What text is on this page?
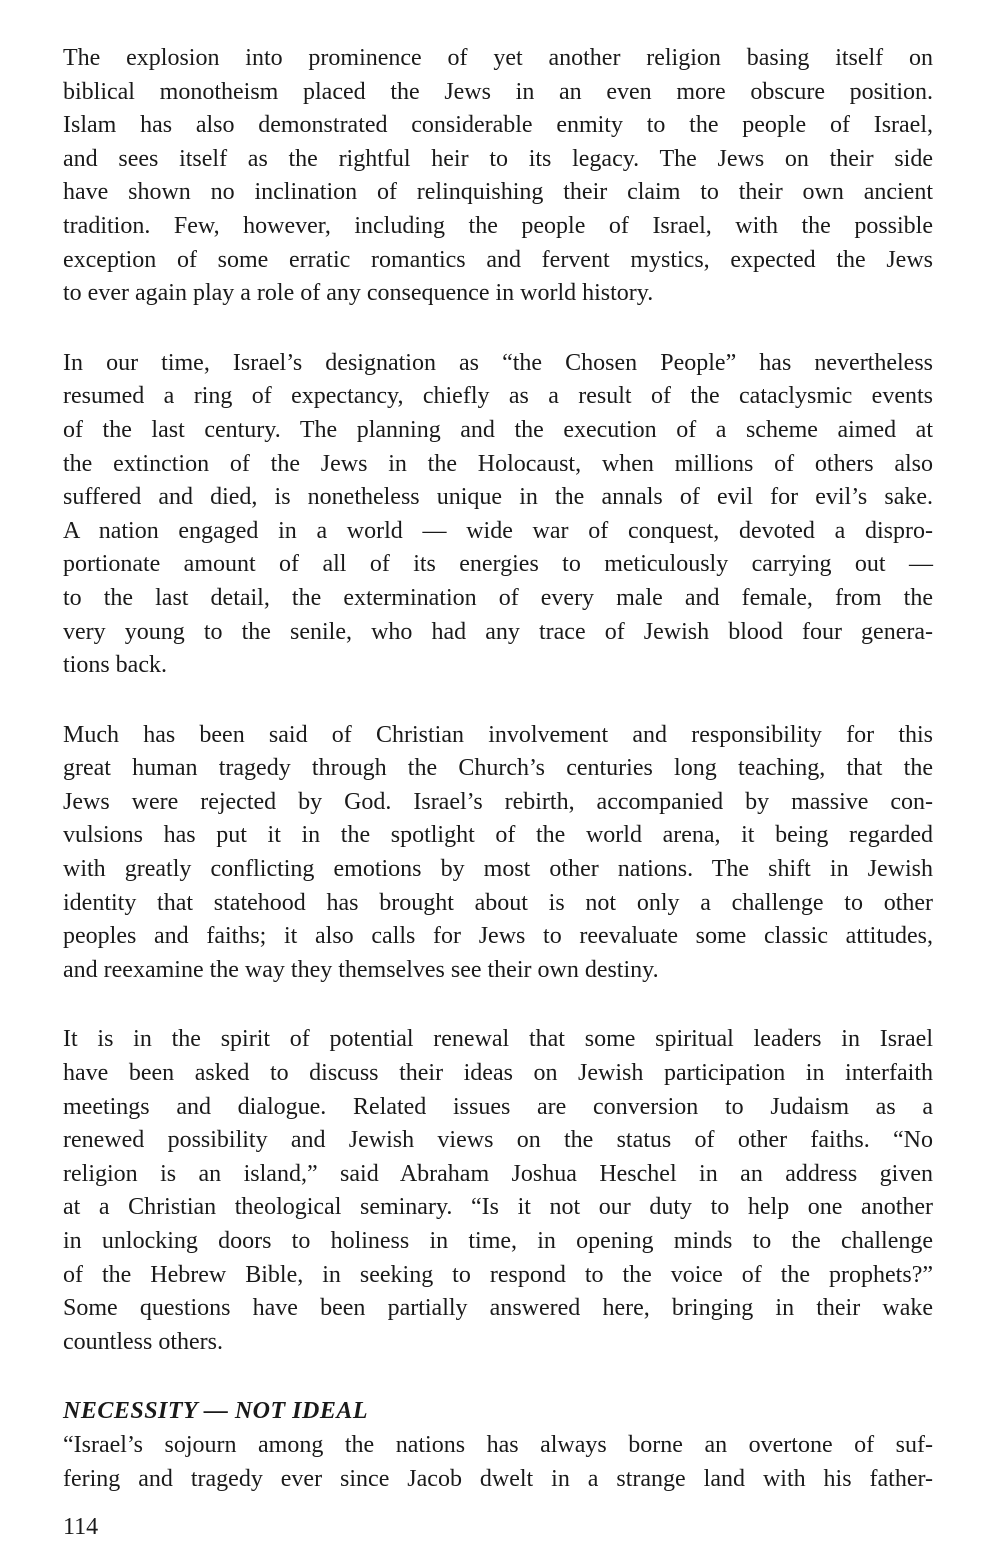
The explosion into prominence of yet another religion basing itself on
biblical monotheism placed the Jews in an even more obscure position.
Islam has also demonstrated considerable enmity to the people of Israel,
and sees itself as the rightful heir to its legacy. The Jews on their side
have shown no inclination of relinquishing their claim to their own ancient
tradition. Few, however, including the people of Israel, with the possible
exception of some erratic romantics and fervent mystics, expected the Jews
to ever again play a role of any consequence in world history.

In our time, Israel’s designation as “the Chosen People” has nevertheless
resumed a ring of expectancy, chiefly as a result of the cataclysmic events
of the last century. The planning and the execution of a scheme aimed at
the extinction of the Jews in the Holocaust, when millions of others also
suffered and died, is nonetheless unique in the annals of evil for evil’s sake.
A nation engaged in a world — wide war of conquest, devoted a dispro-
portionate amount of all of its energies to meticulously carrying out —
to the last detail, the extermination of every male and female, from the
very young to the senile, who had any trace of Jewish blood four genera-
tions back.

Much has been said of Christian involvement and responsibility for this
great human tragedy through the Church’s centuries long teaching, that the
Jews were rejected by God. Israel’s rebirth, accompanied by massive con-
vulsions has put it in the spotlight of the world arena, it being regarded
with greatly conflicting emotions by most other nations. The shift in Jewish
identity that statehood has brought about is not only a challenge to other
peoples and faiths; it also calls for Jews to reevaluate some classic attitudes,
and reexamine the way they themselves see their own destiny.

It is in the spirit of potential renewal that some spiritual leaders in Israel
have been asked to discuss their ideas on Jewish participation in interfaith
meetings and dialogue. Related issues are conversion to Judaism as a
renewed possibility and Jewish views on the status of other faiths. “No
religion is an island,” said Abraham Joshua Heschel in an address given
at a Christian theological seminary. “Is it not our duty to help one another
in unlocking doors to holiness in time, in opening minds to the challenge
of the Hebrew Bible, in seeking to respond to the voice of the prophets?”
Some questions have been partially answered here, bringing in their wake
countless others.

NECESSITY — NOT IDEAL

“Israel’s sojourn among the nations has always borne an overtone of suf-
fering and tragedy ever since Jacob dwelt in a strange land with his father-

114
